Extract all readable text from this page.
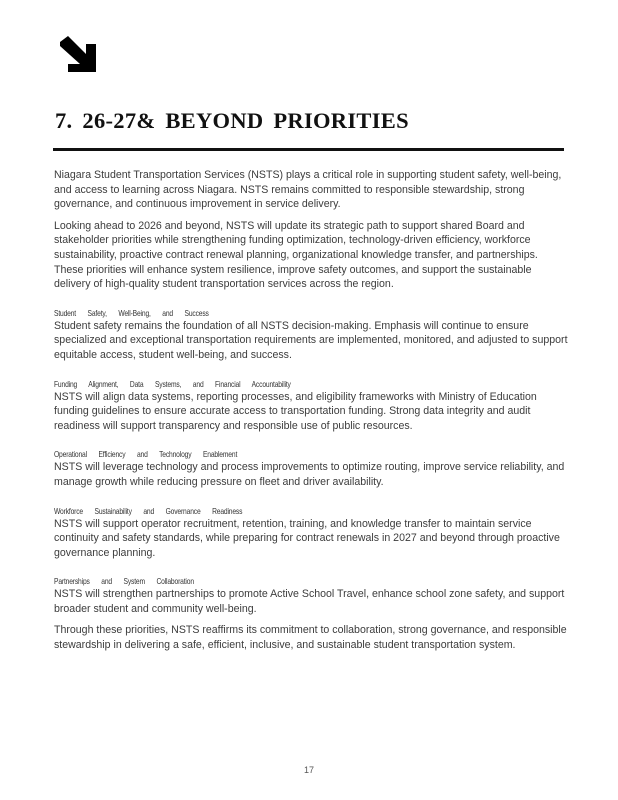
7. 26-27& BEYOND PRIORITIES

Niagara Student Transportation Services (NSTS) plays a critical role in supporting student safety, well-being, and access to learning across Niagara. NSTS remains committed to responsible stewardship, strong governance, and continuous improvement in service delivery.

Looking ahead to 2026 and beyond, NSTS will update its strategic path to support shared Board and stakeholder priorities while strengthening funding optimization, technology-driven efficiency, workforce sustainability, proactive contract renewal planning, organizational knowledge transfer, and partnerships. These priorities will enhance system resilience, improve safety outcomes, and support the sustainable delivery of high-quality student transportation services across the region.

Student Safety, Well-Being, and Success

Student safety remains the foundation of all NSTS decision-making. Emphasis will continue to ensure specialized and exceptional transportation requirements are implemented, monitored, and adjusted to support equitable access, student well-being, and success.

Funding Alignment, Data Systems, and Financial Accountability

NSTS will align data systems, reporting processes, and eligibility frameworks with Ministry of Education funding guidelines to ensure accurate access to transportation funding. Strong data integrity and audit readiness will support transparency and responsible use of public resources.

Operational Efficiency and Technology Enablement

NSTS will leverage technology and process improvements to optimize routing, improve service reliability, and manage growth while reducing pressure on fleet and driver availability.

Workforce Sustainability and Governance Readiness

NSTS will support operator recruitment, retention, training, and knowledge transfer to maintain service continuity and safety standards, while preparing for contract renewals in 2027 and beyond through proactive governance planning.

Partnerships and System Collaboration

NSTS will strengthen partnerships to promote Active School Travel, enhance school zone safety, and support broader student and community well-being.

Through these priorities, NSTS reaffirms its commitment to collaboration, strong governance, and responsible stewardship in delivering a safe, efficient, inclusive, and sustainable student transportation system.

17
